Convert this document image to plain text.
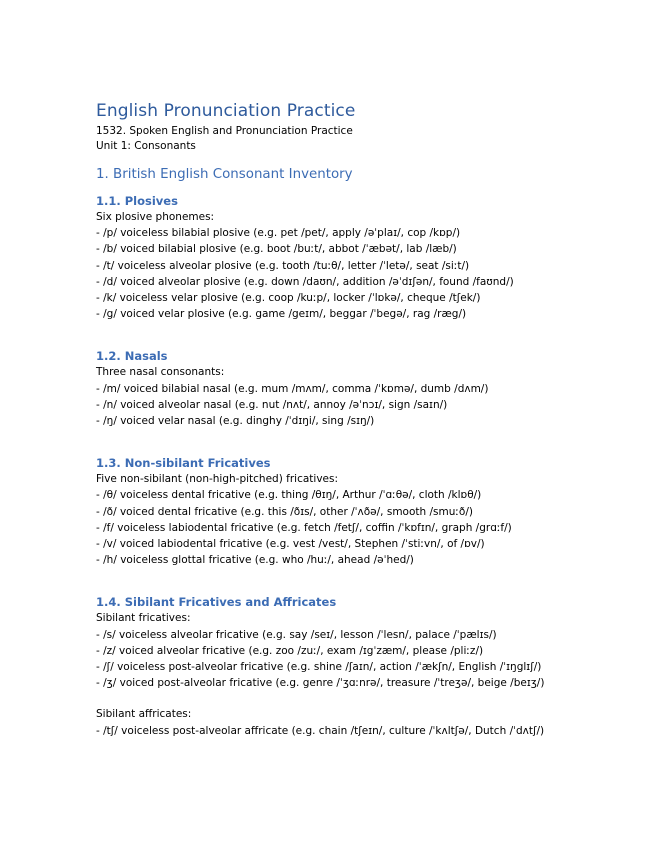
English Pronunciation Practice

1532. Spoken English and Pronunciation Practice

Unit 1: Consonants

1. British English Consonant Inventory
1.1. Plosives

Six plosive phonemes:

- /p/ voiceless bilabial plosive (e.g. pet /pet/, apply /əˈplaɪ/, cop /kɒp/)

- /b/ voiced bilabial plosive (e.g. boot /buːt/, abbot /ˈæbət/, lab /læb/)

- /t/ voiceless alveolar plosive (e.g. tooth /tuːθ/, letter /ˈletə/, seat /siːt/)

- /d/ voiced alveolar plosive (e.g. down /daʊn/, addition /əˈdɪʃən/, found /faʊnd/)

- /k/ voiceless velar plosive (e.g. coop /kuːp/, locker /ˈlɒkə/, cheque /tʃek/)

- /g/ voiced velar plosive (e.g. game /geɪm/, beggar /ˈbegə/, rag /ræg/)

1.2. Nasals

Three nasal consonants:

- /m/ voiced bilabial nasal (e.g. mum /mʌm/, comma /ˈkɒmə/, dumb /dʌm/)

- /n/ voiced alveolar nasal (e.g. nut /nʌt/, annoy /əˈnɔɪ/, sign /saɪn/)

- /ŋ/ voiced velar nasal (e.g. dinghy /ˈdɪŋi/, sing /sɪŋ/)

1.3. Non-sibilant Fricatives

Five non-sibilant (non-high-pitched) fricatives:

- /θ/ voiceless dental fricative (e.g. thing /θɪŋ/, Arthur /ˈɑːθə/, cloth /klɒθ/)

- /ð/ voiced dental fricative (e.g. this /ðɪs/, other /ˈʌðə/, smooth /smuːð/)

- /f/ voiceless labiodental fricative (e.g. fetch /fetʃ/, coffin /ˈkɒfɪn/, graph /grɑːf/)

- /v/ voiced labiodental fricative (e.g. vest /vest/, Stephen /ˈstiːvn/, of /ɒv/)

- /h/ voiceless glottal fricative (e.g. who /huː/, ahead /əˈhed/)

1.4. Sibilant Fricatives and Affricates

Sibilant fricatives:

- /s/ voiceless alveolar fricative (e.g. say /seɪ/, lesson /ˈlesn/, palace /ˈpælɪs/)

- /z/ voiced alveolar fricative (e.g. zoo /zuː/, exam /ɪgˈzæm/, please /pliːz/)

- /ʃ/ voiceless post-alveolar fricative (e.g. shine /ʃaɪn/, action /ˈækʃn/, English /ˈɪŋglɪʃ/)

- /ʒ/ voiced post-alveolar fricative (e.g. genre /ˈʒɑːnrə/, treasure /ˈtreʒə/, beige /beɪʒ/)

Sibilant affricates:

- /tʃ/ voiceless post-alveolar affricate (e.g. chain /tʃeɪn/, culture /ˈkʌltʃə/, Dutch /ˈdʌtʃ/)
